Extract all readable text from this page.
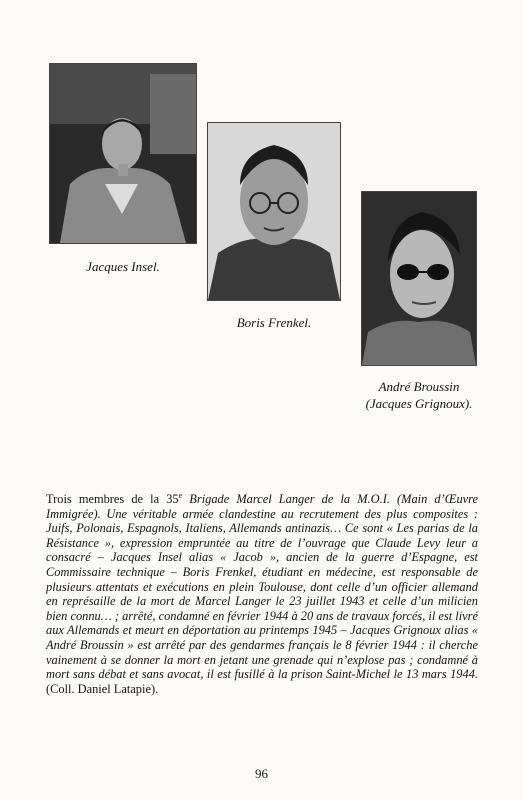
Jacques Insel.
Boris Frenkel.
André Broussin
(Jacques Grignoux).

Trois membres de la 35e Brigade Marcel Langer de la M.O.I. (Main d’Œuvre Immigrée). Une véritable armée clandestine au recrutement des plus composites : Juifs, Polonais, Espagnols, Italiens, Allemands antinazis… Ce sont « Les parias de la Résistance », expression empruntée au titre de l’ouvrage que Claude Levy leur a consacré – Jacques Insel alias « Jacob », ancien de la guerre d’Espagne, est Commissaire technique – Boris Frenkel, étudiant en médecine, est responsable de plusieurs attentats et exécutions en plein Toulouse, dont celle d’un officier allemand en représaille de la mort de Marcel Langer le 23 juillet 1943 et celle d’un milicien bien connu… ; arrêté, condamné en février 1944 à 20 ans de travaux forcés, il est livré aux Allemands et meurt en déportation au printemps 1945 – Jacques Grignoux alias « André Broussin » est arrêté par des gendarmes français le 8 février 1944 : il cherche vainement à se donner la mort en jetant une grenade qui n’explose pas ; condamné à mort sans débat et sans avocat, il est fusillé à la prison Saint-Michel le 13 mars 1944. (Coll. Daniel Latapie).

96
